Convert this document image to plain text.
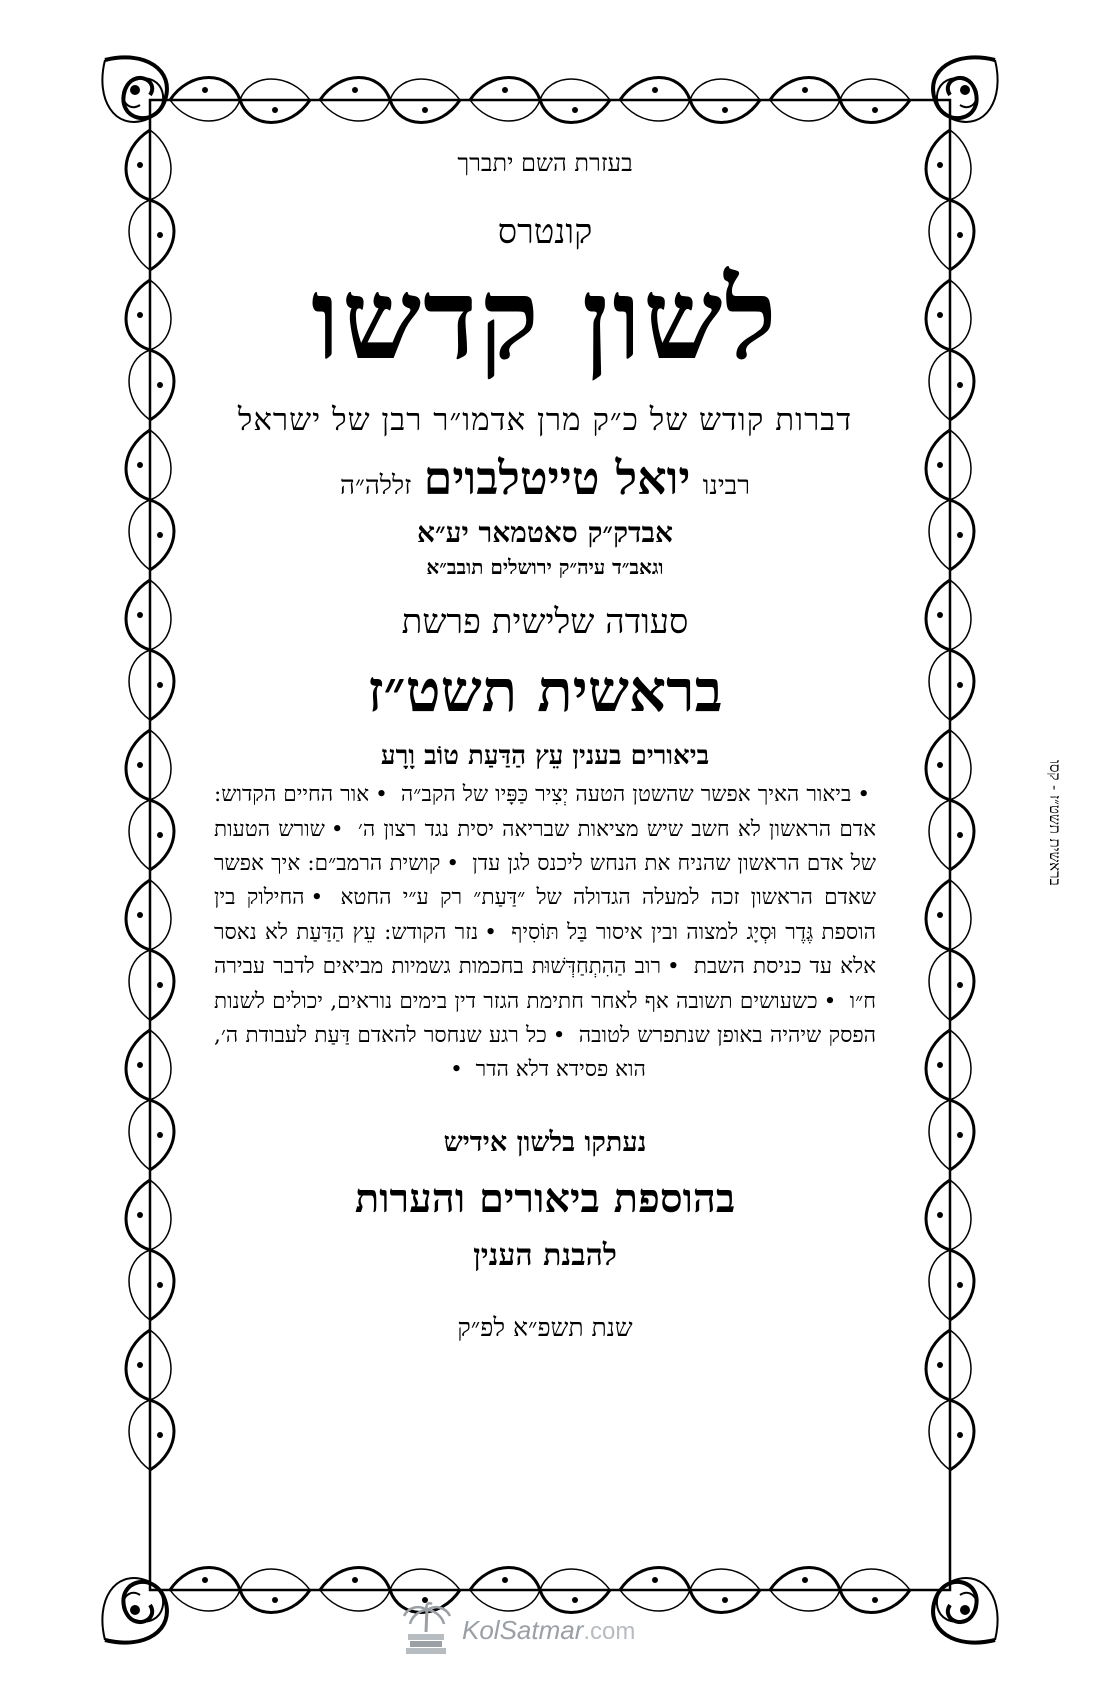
בעזרת השם יתברך
קונטרס
לשון קדשו
דברות קודש של כ״ק מרן אדמו״ר רבן של ישראל
רבינו יואל טייטלבוים זללה״ה
אבדק״ק סאטמאר יע״א
וגאב״ד עיה״ק ירושלים תובב״א
סעודה שלישית פרשת
בראשית תשט״ז
ביאורים בענין עֵץ הַדַּעַת טוֹב וָרָע
•ביאור האיך אפשר שהשטן הטעה יְצִיר כַּפָּיו של הקב״ה •אור החיים הקדוש: אדם הראשון לא חשב שיש מציאות שבריאה יסית נגד רצון ה׳ •שורש הטעות של אדם הראשון שהניח את הנחש ליכנס לגן עדן •קושית הרמב״ם: איך אפשר שאדם הראשון זכה למעלה הגדולה של ״דַּעַת״ רק ע״י החטא •החילוק בין הוספת גֶּדֶר וּסְיָג למצוה ובין איסור בַּל תּוֹסִיף •נזר הקודש: עֵץ הַדַּעַת לא נאסר אלא עד כניסת השבת •רוב הַהִתְחַדְּשׁוּת בחכמות גשמיות מביאים לדבר עבירה ח״ו •כשעושים תשובה אף לאחר חתימת הגזר דין בימים נוראים, יכולים לשנות הפסק שיהיה באופן שנתפרש לטובה •כל רגע שנחסר להאדם דַּעַת לעבודת ה׳, הוא פסידא דלא הדר •
נעתקו בלשון אידיש
בהוספת ביאורים והערות
להבנת הענין
שנת תשפ״א לפ״ק
בראשית תשט״ז - קסו
KolSatmar.com
